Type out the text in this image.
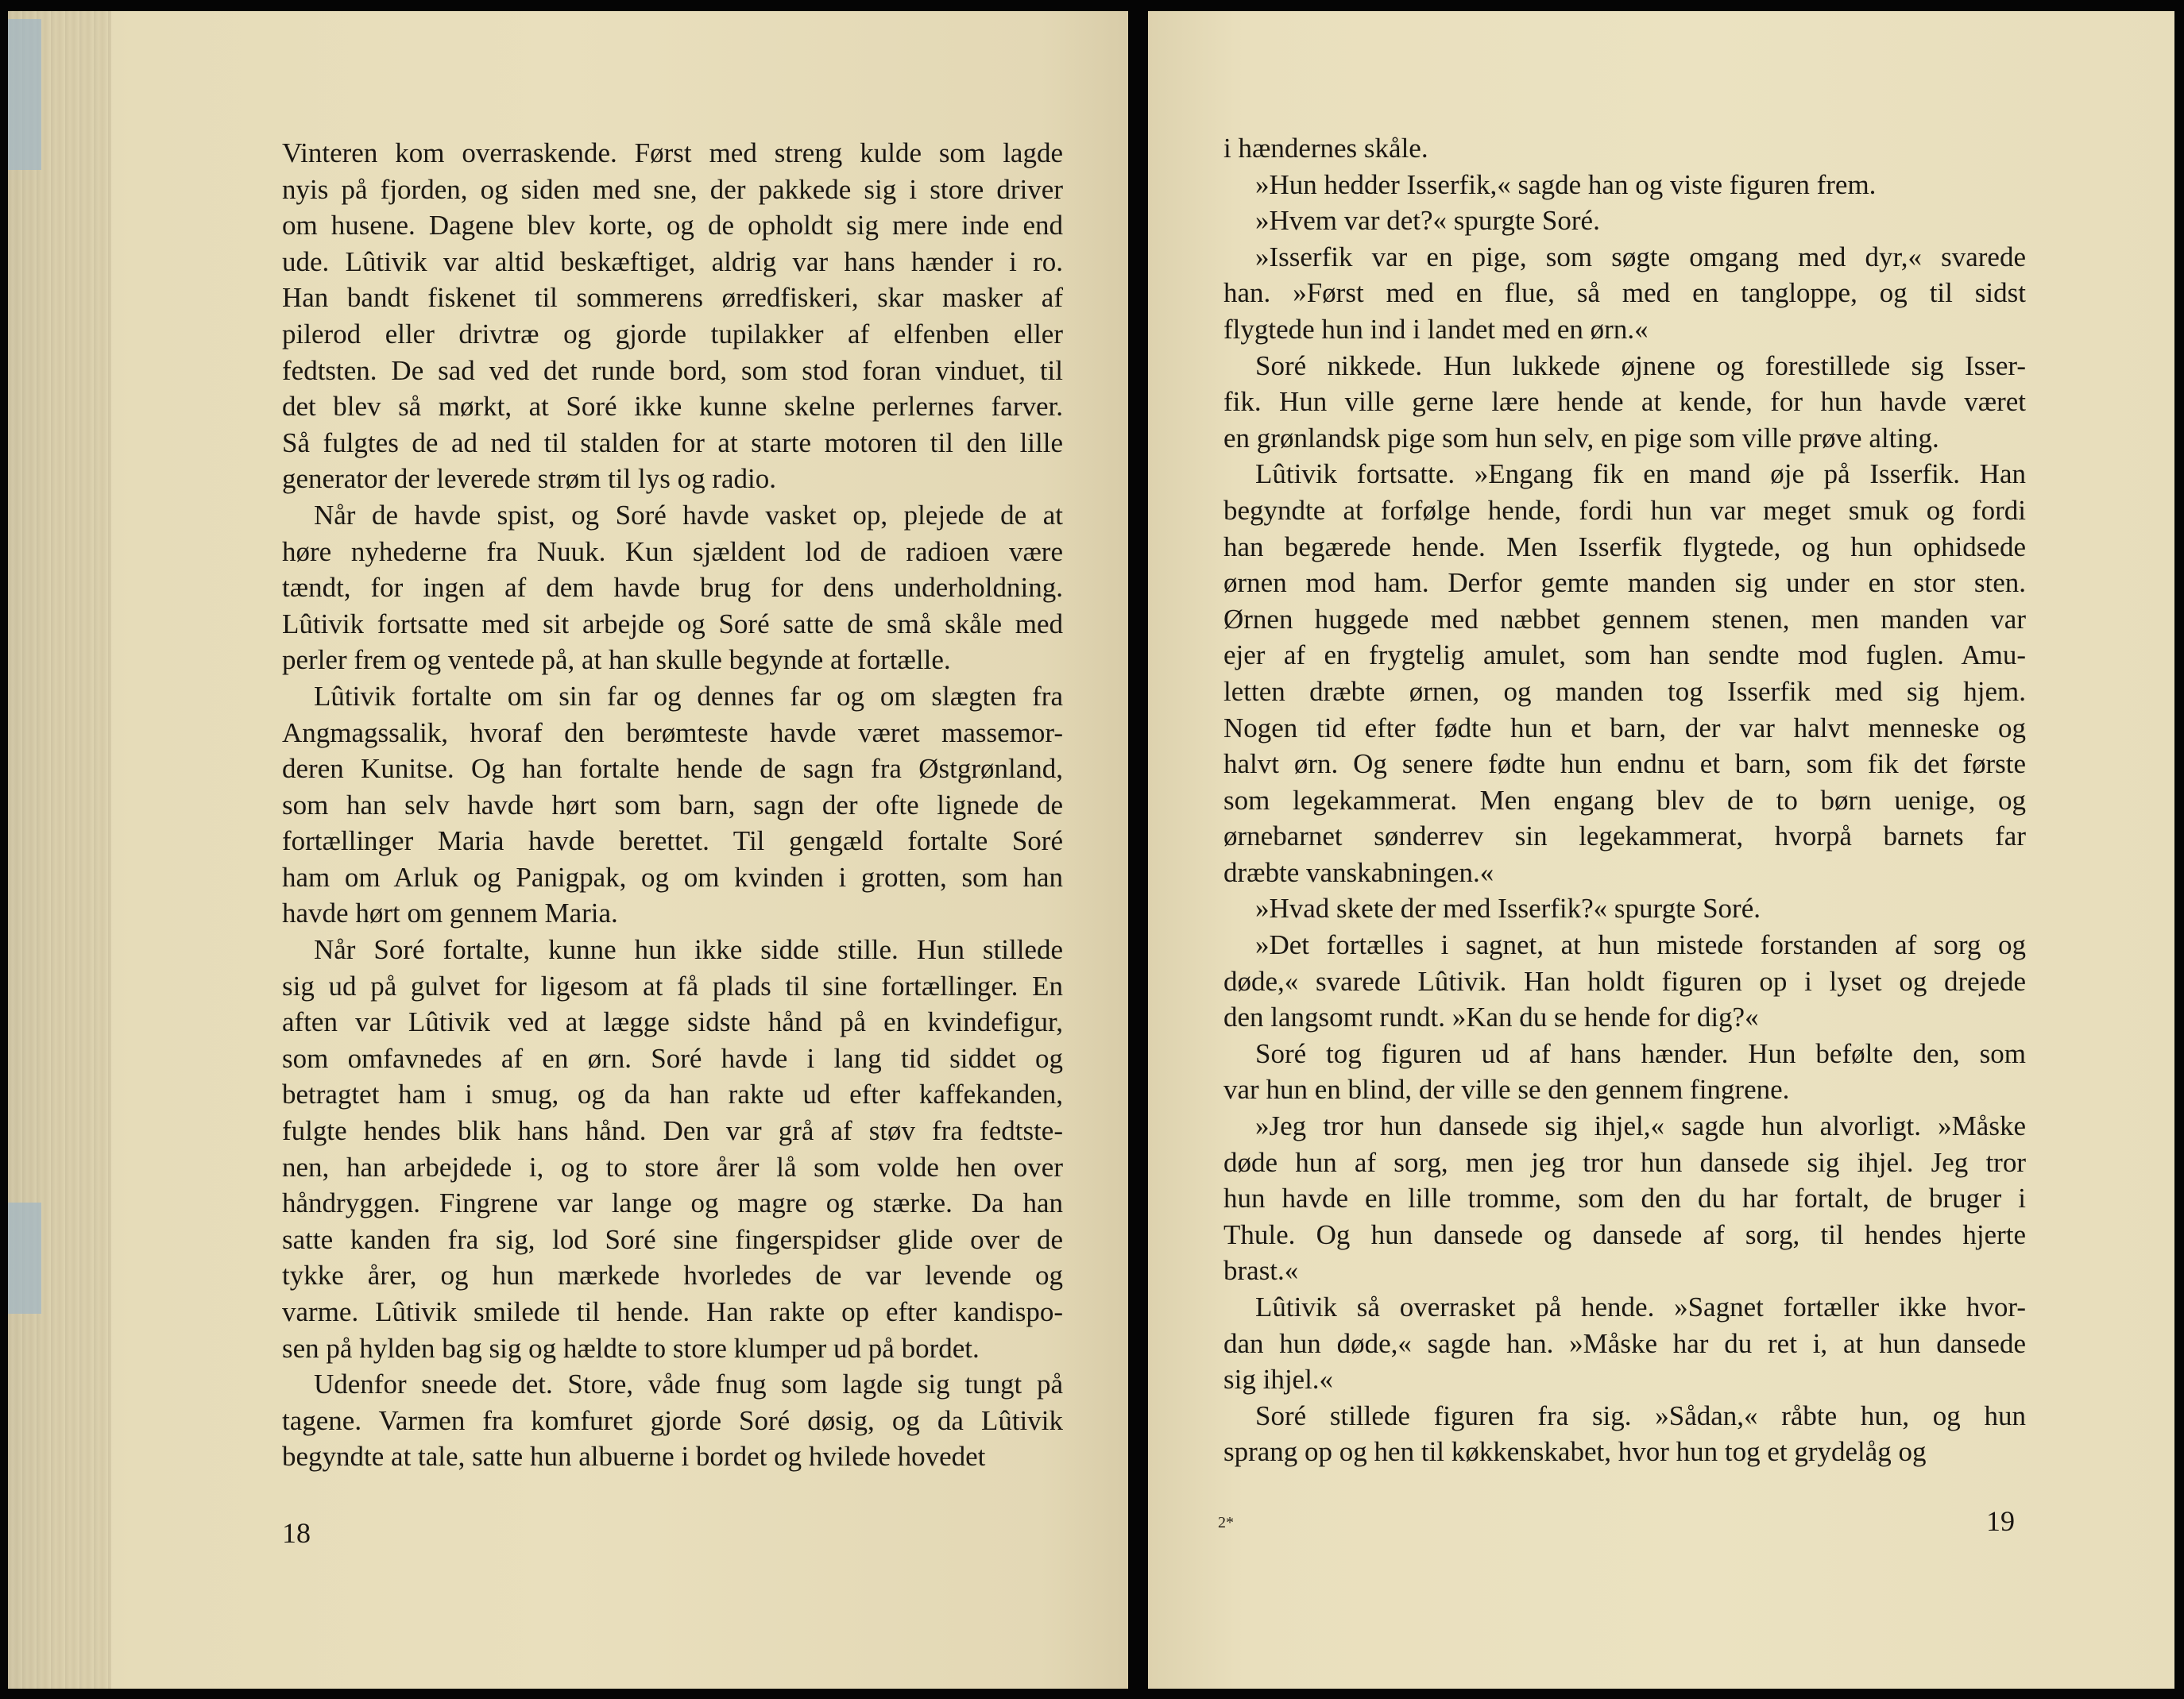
Vinteren kom overraskende. Først med streng kulde som lagde
nyis på fjorden, og siden med sne, der pakkede sig i store driver
om husene. Dagene blev korte, og de opholdt sig mere inde end
ude. Lûtivik var altid beskæftiget, aldrig var hans hænder i ro.
Han bandt fiskenet til sommerens ørredfiskeri, skar masker af
pilerod eller drivtræ og gjorde tupilakker af elfenben eller
fedtsten. De sad ved det runde bord, som stod foran vinduet, til
det blev så mørkt, at Soré ikke kunne skelne perlernes farver.
Så fulgtes de ad ned til stalden for at starte motoren til den lille
generator der leverede strøm til lys og radio.
Når de havde spist, og Soré havde vasket op, plejede de at
høre nyhederne fra Nuuk. Kun sjældent lod de radioen være
tændt, for ingen af dem havde brug for dens underholdning.
Lûtivik fortsatte med sit arbejde og Soré satte de små skåle med
perler frem og ventede på, at han skulle begynde at fortælle.
Lûtivik fortalte om sin far og dennes far og om slægten fra
Angmagssalik, hvoraf den berømteste havde været massemor-
deren Kunitse. Og han fortalte hende de sagn fra Østgrønland,
som han selv havde hørt som barn, sagn der ofte lignede de
fortællinger Maria havde berettet. Til gengæld fortalte Soré
ham om Arluk og Panigpak, og om kvinden i grotten, som han
havde hørt om gennem Maria.
Når Soré fortalte, kunne hun ikke sidde stille. Hun stillede
sig ud på gulvet for ligesom at få plads til sine fortællinger. En
aften var Lûtivik ved at lægge sidste hånd på en kvindefigur,
som omfavnedes af en ørn. Soré havde i lang tid siddet og
betragtet ham i smug, og da han rakte ud efter kaffekanden,
fulgte hendes blik hans hånd. Den var grå af støv fra fedtste-
nen, han arbejdede i, og to store årer lå som volde hen over
håndryggen. Fingrene var lange og magre og stærke. Da han
satte kanden fra sig, lod Soré sine fingerspidser glide over de
tykke årer, og hun mærkede hvorledes de var levende og
varme. Lûtivik smilede til hende. Han rakte op efter kandispo-
sen på hylden bag sig og hældte to store klumper ud på bordet.
Udenfor sneede det. Store, våde fnug som lagde sig tungt på
tagene. Varmen fra komfuret gjorde Soré døsig, og da Lûtivik
begyndte at tale, satte hun albuerne i bordet og hvilede hovedet
18
i hændernes skåle.
»Hun hedder Isserfik,« sagde han og viste figuren frem.
»Hvem var det?« spurgte Soré.
»Isserfik var en pige, som søgte omgang med dyr,« svarede
han. »Først med en flue, så med en tangloppe, og til sidst
flygtede hun ind i landet med en ørn.«
Soré nikkede. Hun lukkede øjnene og forestillede sig Isser-
fik. Hun ville gerne lære hende at kende, for hun havde været
en grønlandsk pige som hun selv, en pige som ville prøve alting.
Lûtivik fortsatte. »Engang fik en mand øje på Isserfik. Han
begyndte at forfølge hende, fordi hun var meget smuk og fordi
han begærede hende. Men Isserfik flygtede, og hun ophidsede
ørnen mod ham. Derfor gemte manden sig under en stor sten.
Ørnen huggede med næbbet gennem stenen, men manden var
ejer af en frygtelig amulet, som han sendte mod fuglen. Amu-
letten dræbte ørnen, og manden tog Isserfik med sig hjem.
Nogen tid efter fødte hun et barn, der var halvt menneske og
halvt ørn. Og senere fødte hun endnu et barn, som fik det første
som legekammerat. Men engang blev de to børn uenige, og
ørnebarnet sønderrev sin legekammerat, hvorpå barnets far
dræbte vanskabningen.«
»Hvad skete der med Isserfik?« spurgte Soré.
»Det fortælles i sagnet, at hun mistede forstanden af sorg og
døde,« svarede Lûtivik. Han holdt figuren op i lyset og drejede
den langsomt rundt. »Kan du se hende for dig?«
Soré tog figuren ud af hans hænder. Hun befølte den, som
var hun en blind, der ville se den gennem fingrene.
»Jeg tror hun dansede sig ihjel,« sagde hun alvorligt. »Måske
døde hun af sorg, men jeg tror hun dansede sig ihjel. Jeg tror
hun havde en lille tromme, som den du har fortalt, de bruger i
Thule. Og hun dansede og dansede af sorg, til hendes hjerte
brast.«
Lûtivik så overrasket på hende. »Sagnet fortæller ikke hvor-
dan hun døde,« sagde han. »Måske har du ret i, at hun dansede
sig ihjel.«
Soré stillede figuren fra sig. »Sådan,« råbte hun, og hun
sprang op og hen til køkkenskabet, hvor hun tog et grydelåg og
2*	19
